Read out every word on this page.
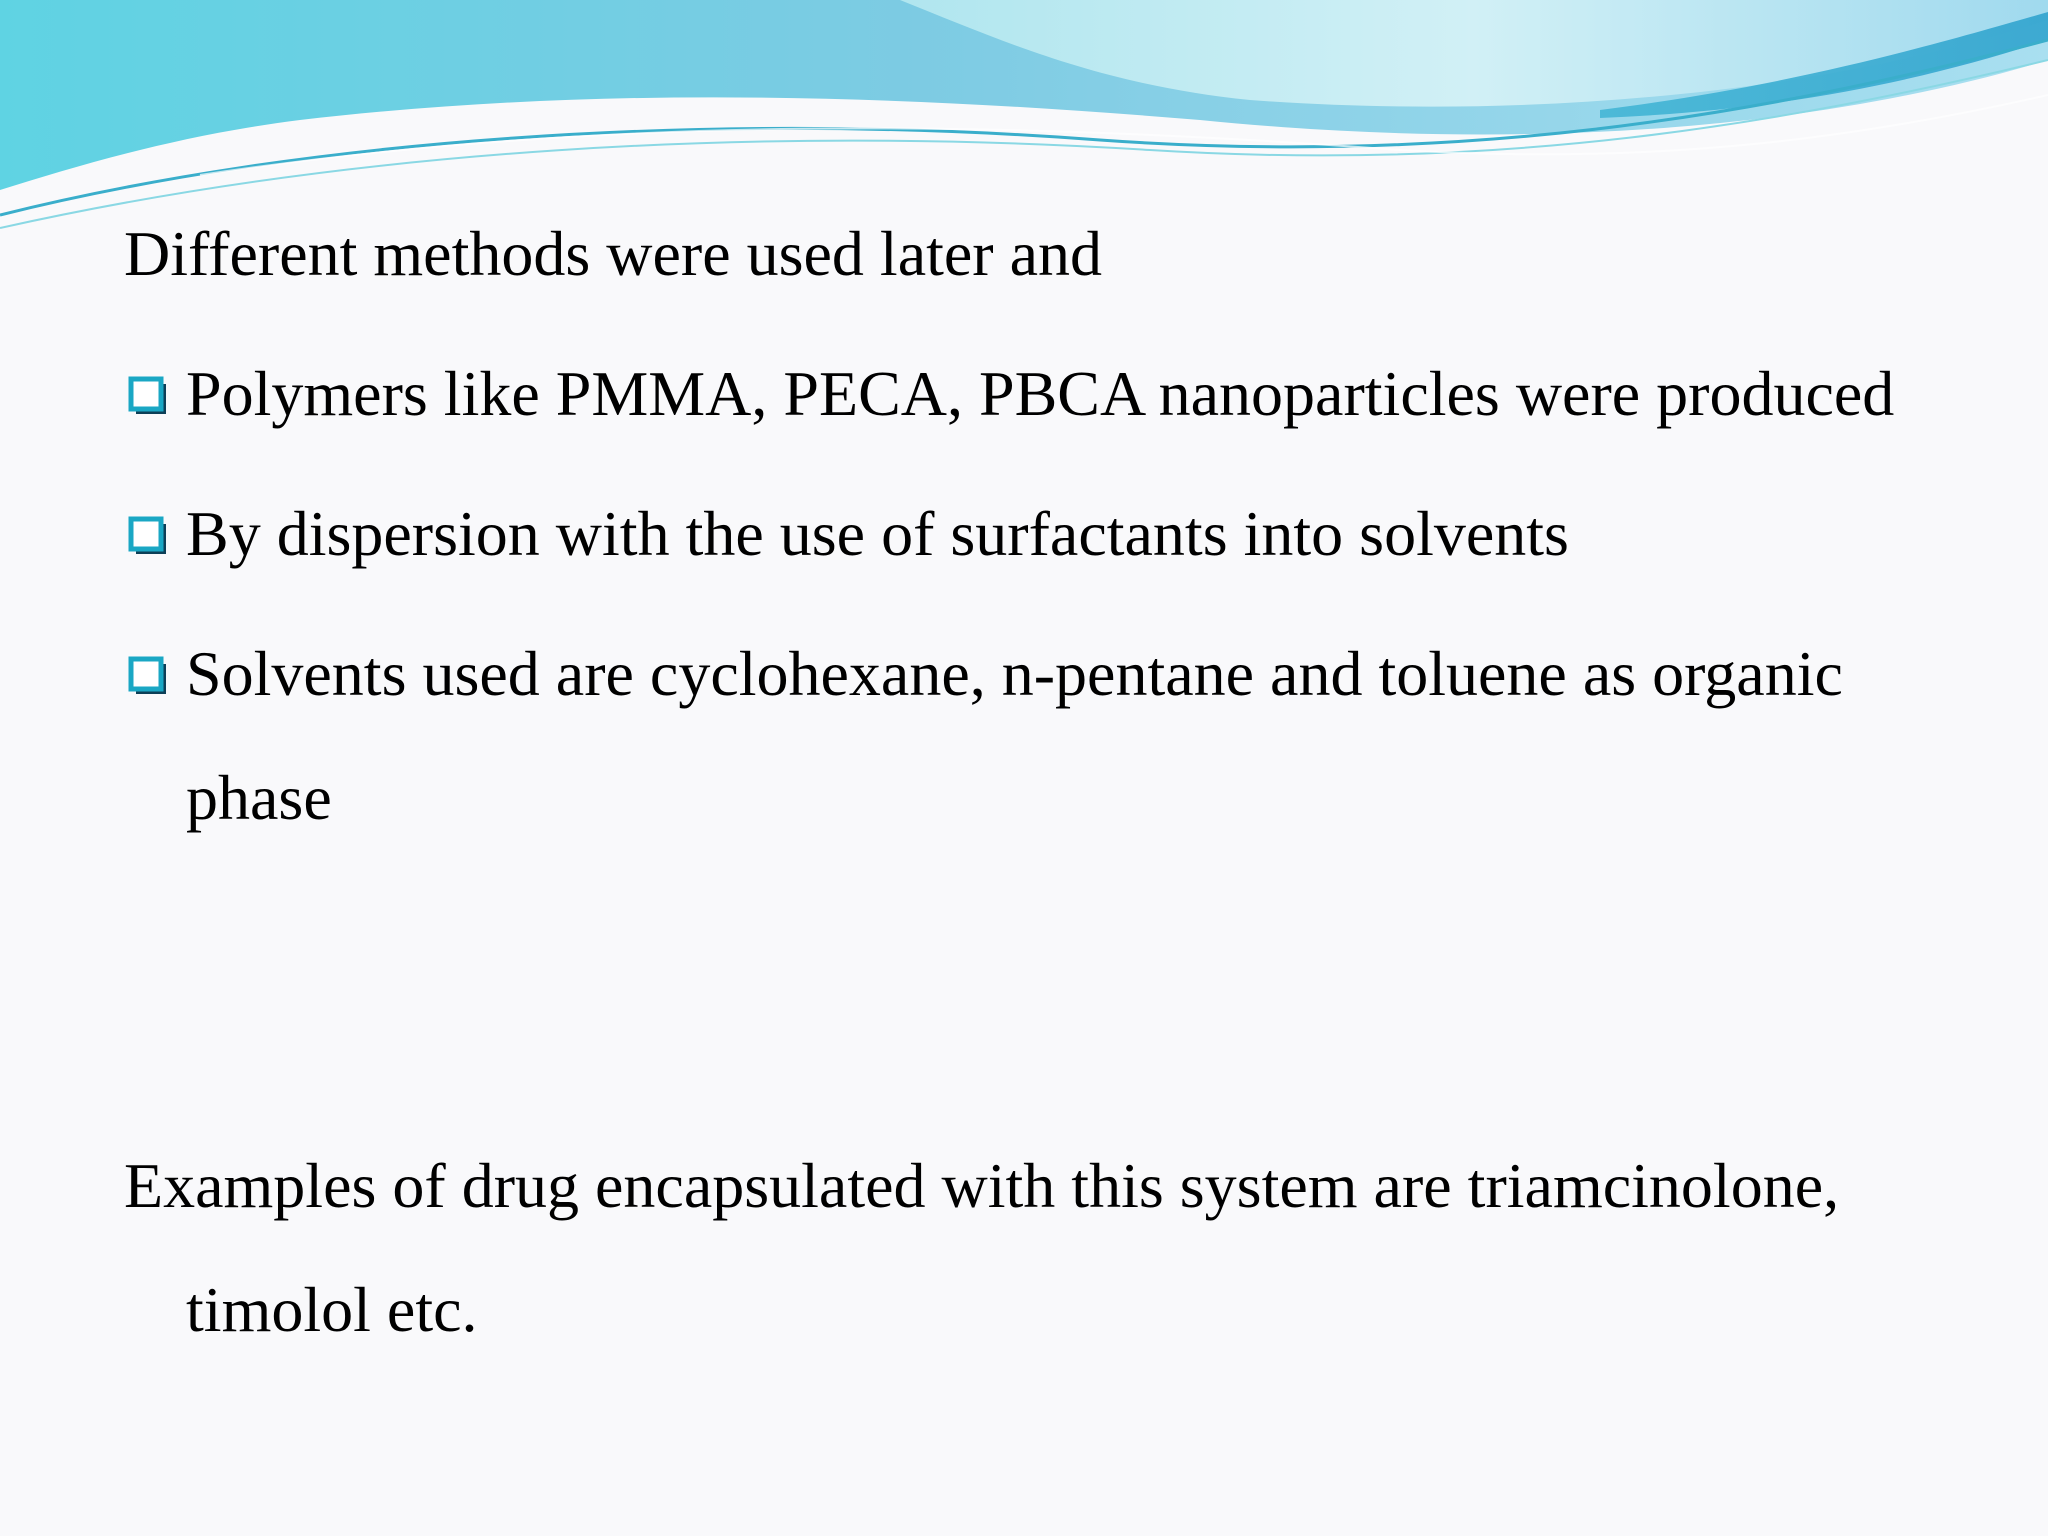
Different methods were used later and

Polymers like PMMA, PECA, PBCA nanoparticles were produced
By dispersion with the use of surfactants into solvents
Solvents used are cyclohexane, n-pentane and toluene as organic phase

Examples of drug encapsulated with this system are triamcinolone, timolol etc.
